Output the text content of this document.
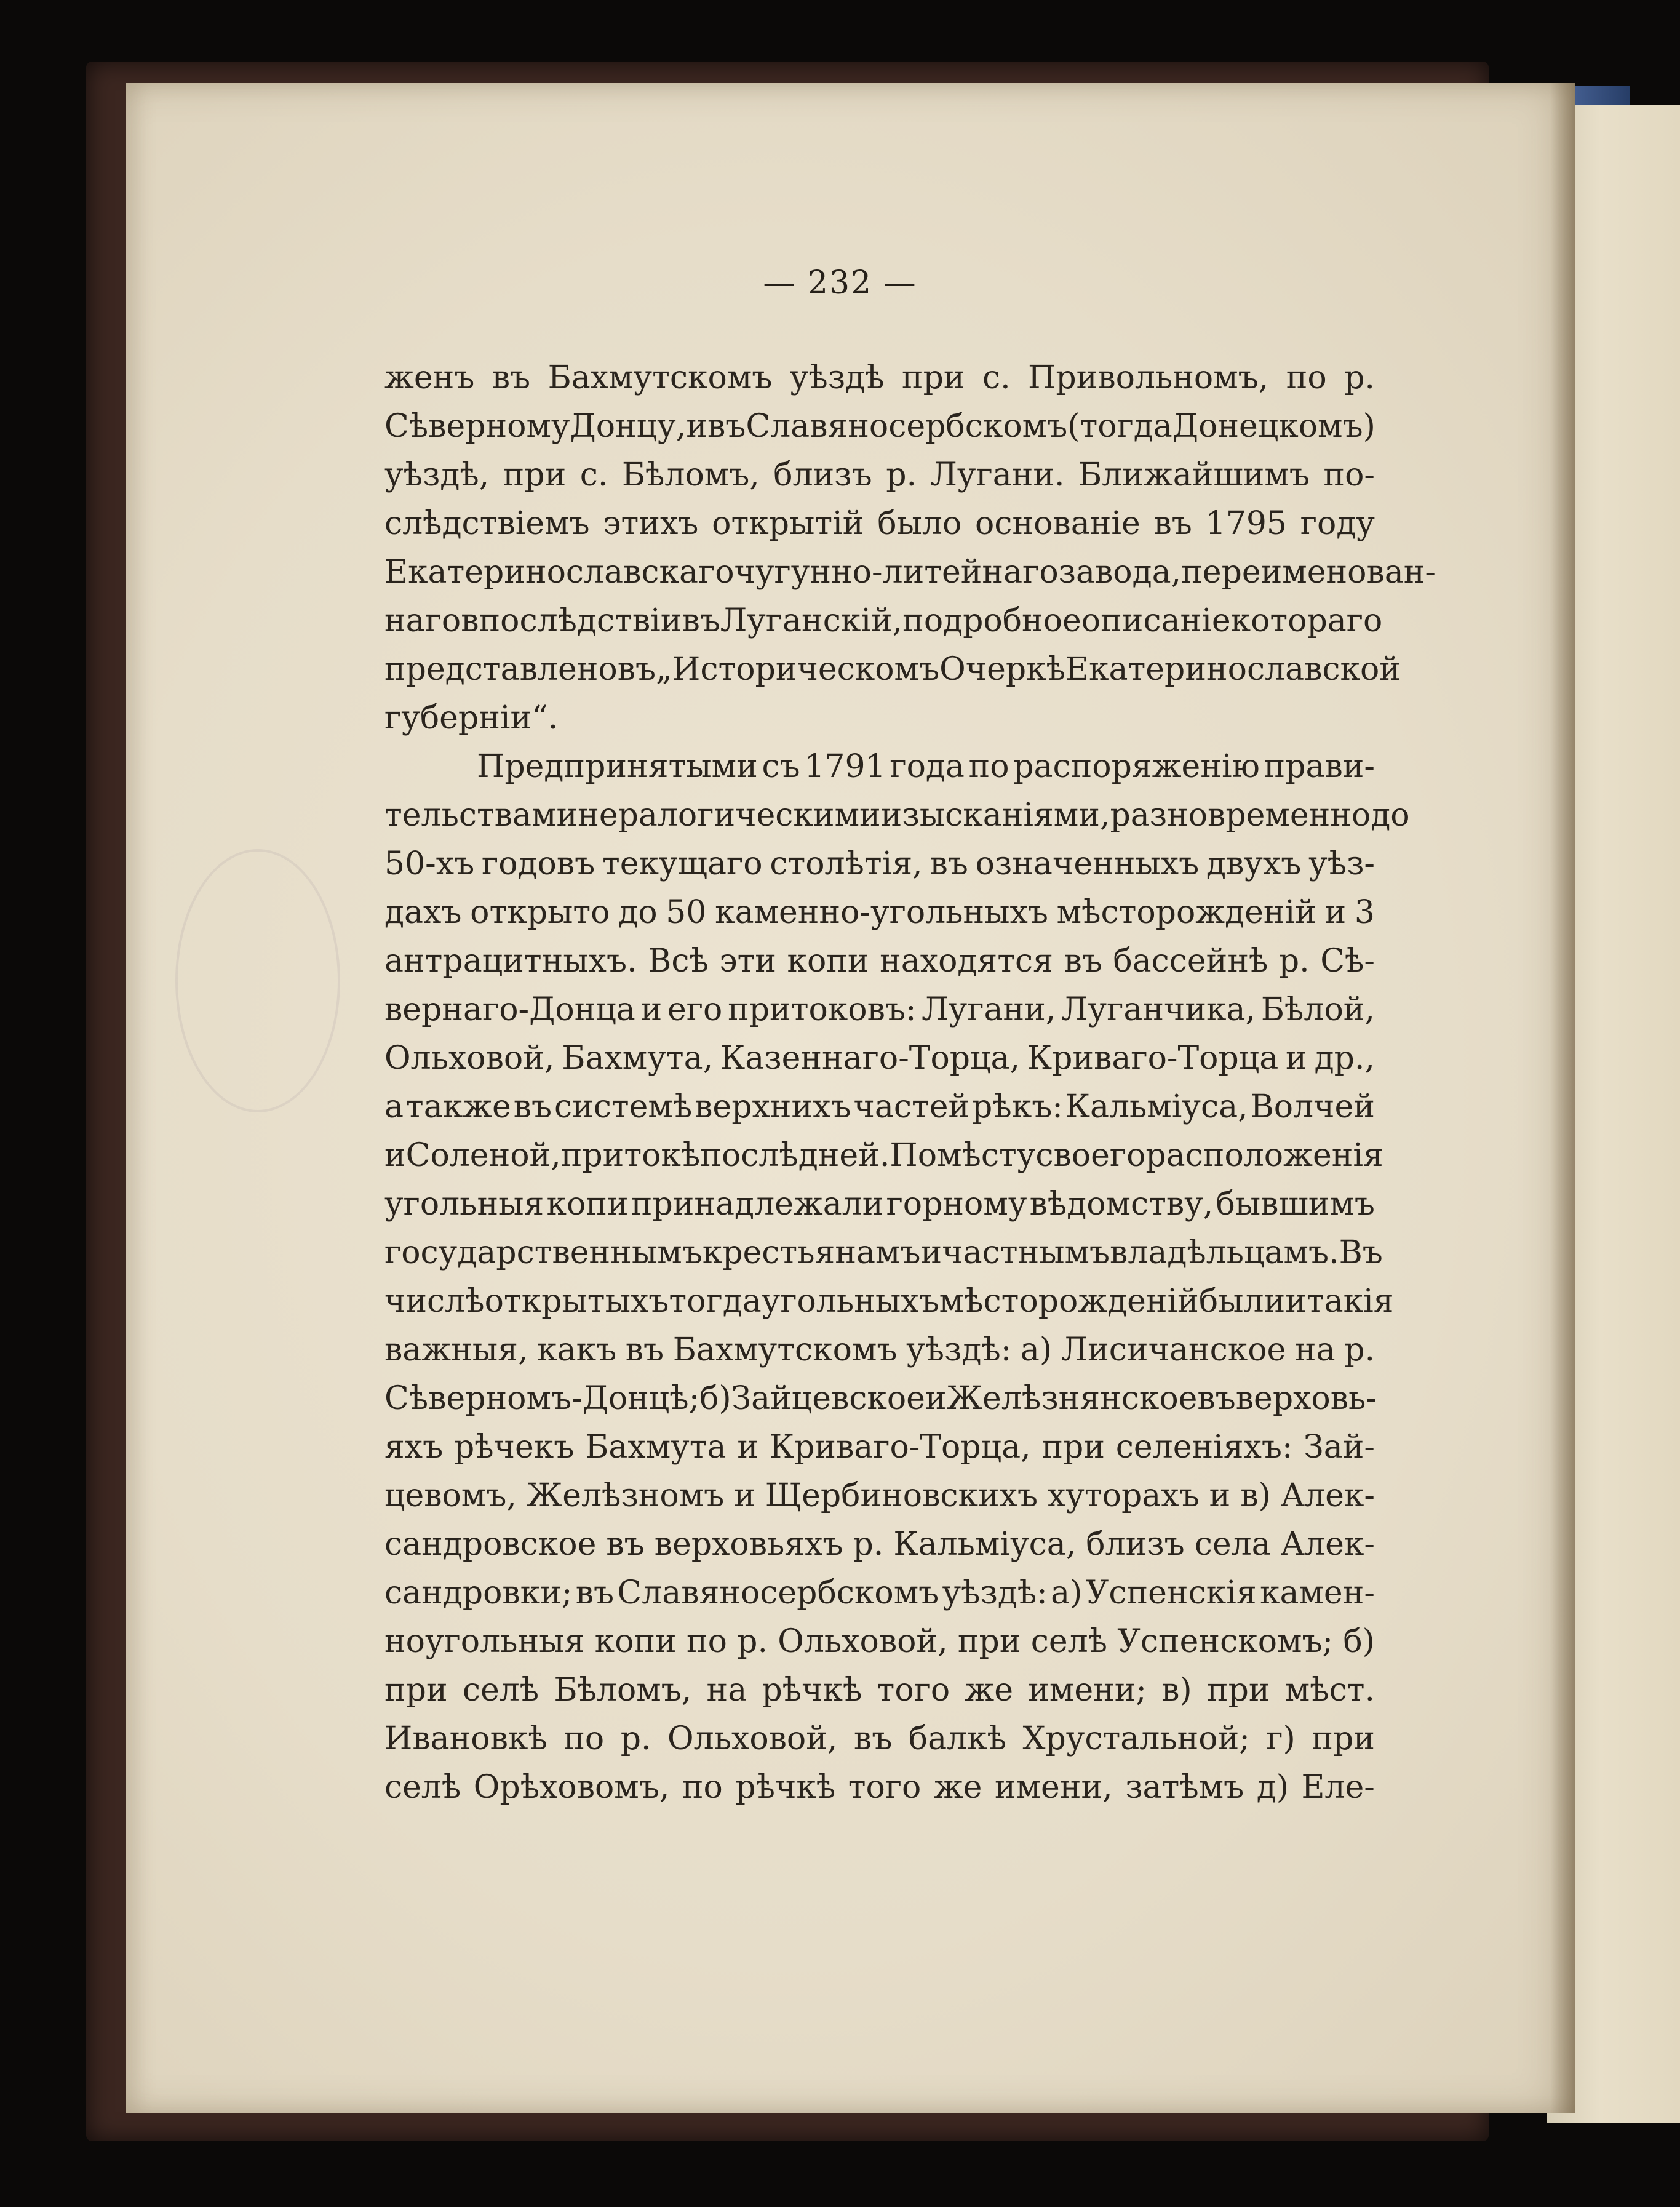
— 232 —
женъ въ Бахмутскомъ уѣздѣ при с. Привольномъ, по р.
Сѣверному Донцу, и въ Славяносербскомъ (тогда Донецкомъ)
уѣздѣ, при с. Бѣломъ, близъ р. Лугани. Ближайшимъ по-
слѣдствіемъ этихъ открытій было основаніе въ 1795 году
Екатеринославскаго чугунно-литейнаго завода, переименован-
наго впослѣдствіи въ Луганскій, подробное описаніе котораго
представлено въ „Историческомъ Очеркѣ Екатеринославской
губерніи“.
Предпринятыми съ 1791 года по распоряженію прави-
тельства минералогическими изысканіями, разновременно до
50-хъ годовъ текущаго столѣтія, въ означенныхъ двухъ уѣз-
дахъ открыто до 50 каменно-угольныхъ мѣсторожденій и 3
антрацитныхъ. Всѣ эти копи находятся въ бассейнѣ р. Сѣ-
вернаго-Донца и его притоковъ: Лугани, Луганчика, Бѣлой,
Ольховой, Бахмута, Казеннаго-Торца, Криваго-Торца и др.,
а также въ системѣ верхнихъ частей рѣкъ: Кальміуса, Волчей
и Соленой, притокѣ послѣдней. По мѣсту своего расположенія
угольныя копи принадлежали горному вѣдомству, бывшимъ
государственнымъ крестьянамъ и частнымъ владѣльцамъ. Въ
числѣ открытыхъ тогда угольныхъ мѣсторожденій были и такія
важныя, какъ въ Бахмутскомъ уѣздѣ: а) Лисичанское на р.
Сѣверномъ-Донцѣ; б) Зайцевское и Желѣзнянское въ верховь-
яхъ рѣчекъ Бахмута и Криваго-Торца, при селеніяхъ: Зай-
цевомъ, Желѣзномъ и Щербиновскихъ хуторахъ и в) Алек-
сандровское въ верховьяхъ р. Кальміуса, близъ села Алек-
сандровки; въ Славяносербскомъ уѣздѣ: а) Успенскія камен-
ноугольныя копи по р. Ольховой, при селѣ Успенскомъ; б)
при селѣ Бѣломъ, на рѣчкѣ того же имени; в) при мѣст.
Ивановкѣ по р. Ольховой, въ балкѣ Хрустальной; г) при
селѣ Орѣховомъ, по рѣчкѣ того же имени, затѣмъ д) Еле-
